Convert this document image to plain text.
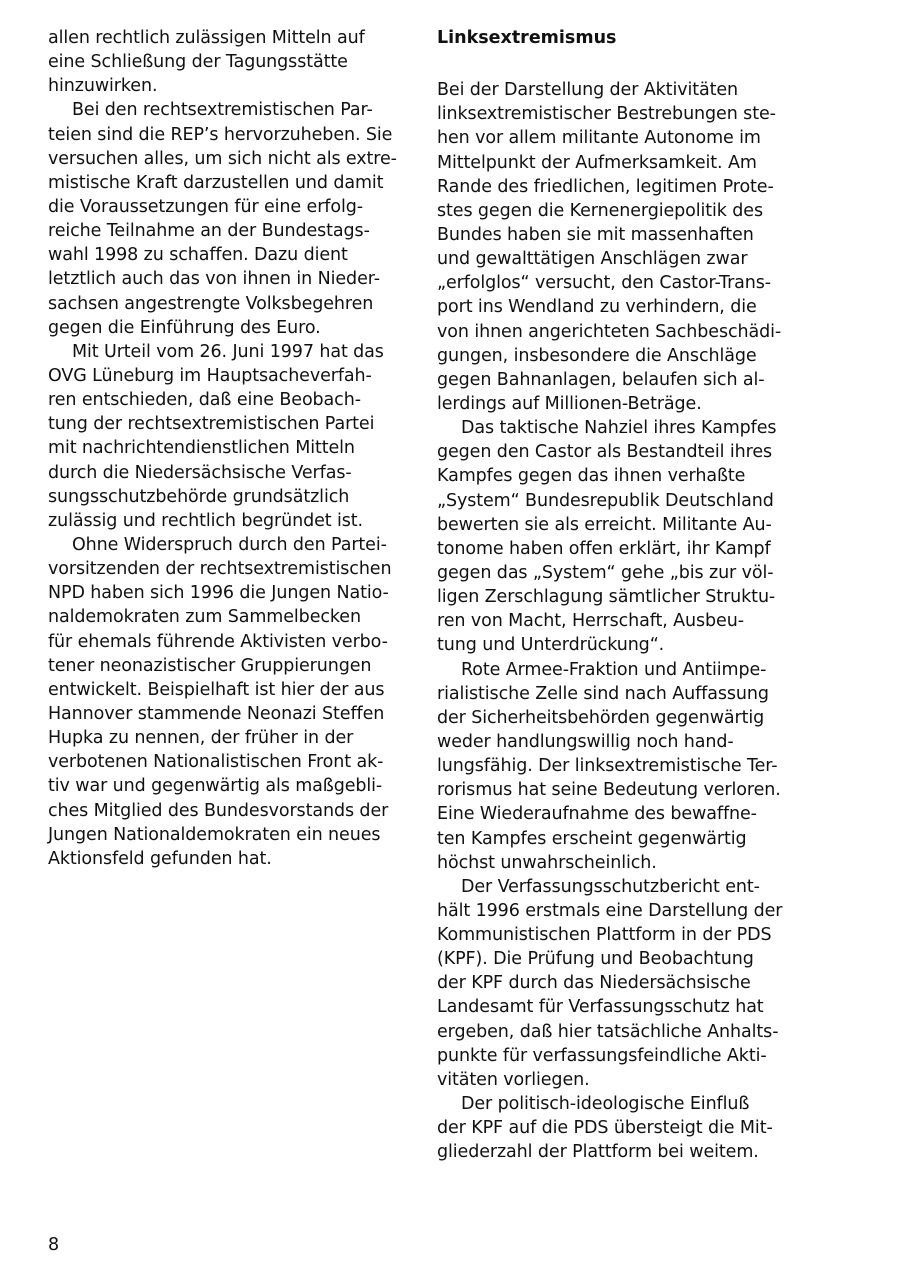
allen rechtlich zulässigen Mitteln auf
eine Schließung der Tagungsstätte
hinzuwirken.
Bei den rechtsextremistischen Par-
teien sind die REP’s hervorzuheben. Sie
versuchen alles, um sich nicht als extre-
mistische Kraft darzustellen und damit
die Voraussetzungen für eine erfolg-
reiche Teilnahme an der Bundestags-
wahl 1998 zu schaffen. Dazu dient
letztlich auch das von ihnen in Nieder-
sachsen angestrengte Volksbegehren
gegen die Einführung des Euro.
Mit Urteil vom 26. Juni 1997 hat das
OVG Lüneburg im Hauptsacheverfah-
ren entschieden, daß eine Beobach-
tung der rechtsextremistischen Partei
mit nachrichtendienstlichen Mitteln
durch die Niedersächsische Verfas-
sungsschutzbehörde grundsätzlich
zulässig und rechtlich begründet ist.
Ohne Widerspruch durch den Partei-
vorsitzenden der rechtsextremistischen
NPD haben sich 1996 die Jungen Natio-
naldemokraten zum Sammelbecken
für ehemals führende Aktivisten verbo-
tener neonazistischer Gruppierungen
entwickelt. Beispielhaft ist hier der aus
Hannover stammende Neonazi Steffen
Hupka zu nennen, der früher in der
verbotenen Nationalistischen Front ak-
tiv war und gegenwärtig als maßgebli-
ches Mitglied des Bundesvorstands der
Jungen Nationaldemokraten ein neues
Aktionsfeld gefunden hat.
Linksextremismus
Bei der Darstellung der Aktivitäten
linksextremistischer Bestrebungen ste-
hen vor allem militante Autonome im
Mittelpunkt der Aufmerksamkeit. Am
Rande des friedlichen, legitimen Prote-
stes gegen die Kernenergiepolitik des
Bundes haben sie mit massenhaften
und gewalttätigen Anschlägen zwar
„erfolglos“ versucht, den Castor-Trans-
port ins Wendland zu verhindern, die
von ihnen angerichteten Sachbeschädi-
gungen, insbesondere die Anschläge
gegen Bahnanlagen, belaufen sich al-
lerdings auf Millionen-Beträge.
Das taktische Nahziel ihres Kampfes
gegen den Castor als Bestandteil ihres
Kampfes gegen das ihnen verhaßte
„System“ Bundesrepublik Deutschland
bewerten sie als erreicht. Militante Au-
tonome haben offen erklärt, ihr Kampf
gegen das „System“ gehe „bis zur völ-
ligen Zerschlagung sämtlicher Struktu-
ren von Macht, Herrschaft, Ausbeu-
tung und Unterdrückung“.
Rote Armee-Fraktion und Antiimpe-
rialistische Zelle sind nach Auffassung
der Sicherheitsbehörden gegenwärtig
weder handlungswillig noch hand-
lungsfähig. Der linksextremistische Ter-
rorismus hat seine Bedeutung verloren.
Eine Wiederaufnahme des bewaffne-
ten Kampfes erscheint gegenwärtig
höchst unwahrscheinlich.
Der Verfassungsschutzbericht ent-
hält 1996 erstmals eine Darstellung der
Kommunistischen Plattform in der PDS
(KPF). Die Prüfung und Beobachtung
der KPF durch das Niedersächsische
Landesamt für Verfassungsschutz hat
ergeben, daß hier tatsächliche Anhalts-
punkte für verfassungsfeindliche Akti-
vitäten vorliegen.
Der politisch-ideologische Einfluß
der KPF auf die PDS übersteigt die Mit-
gliederzahl der Plattform bei weitem.
8
